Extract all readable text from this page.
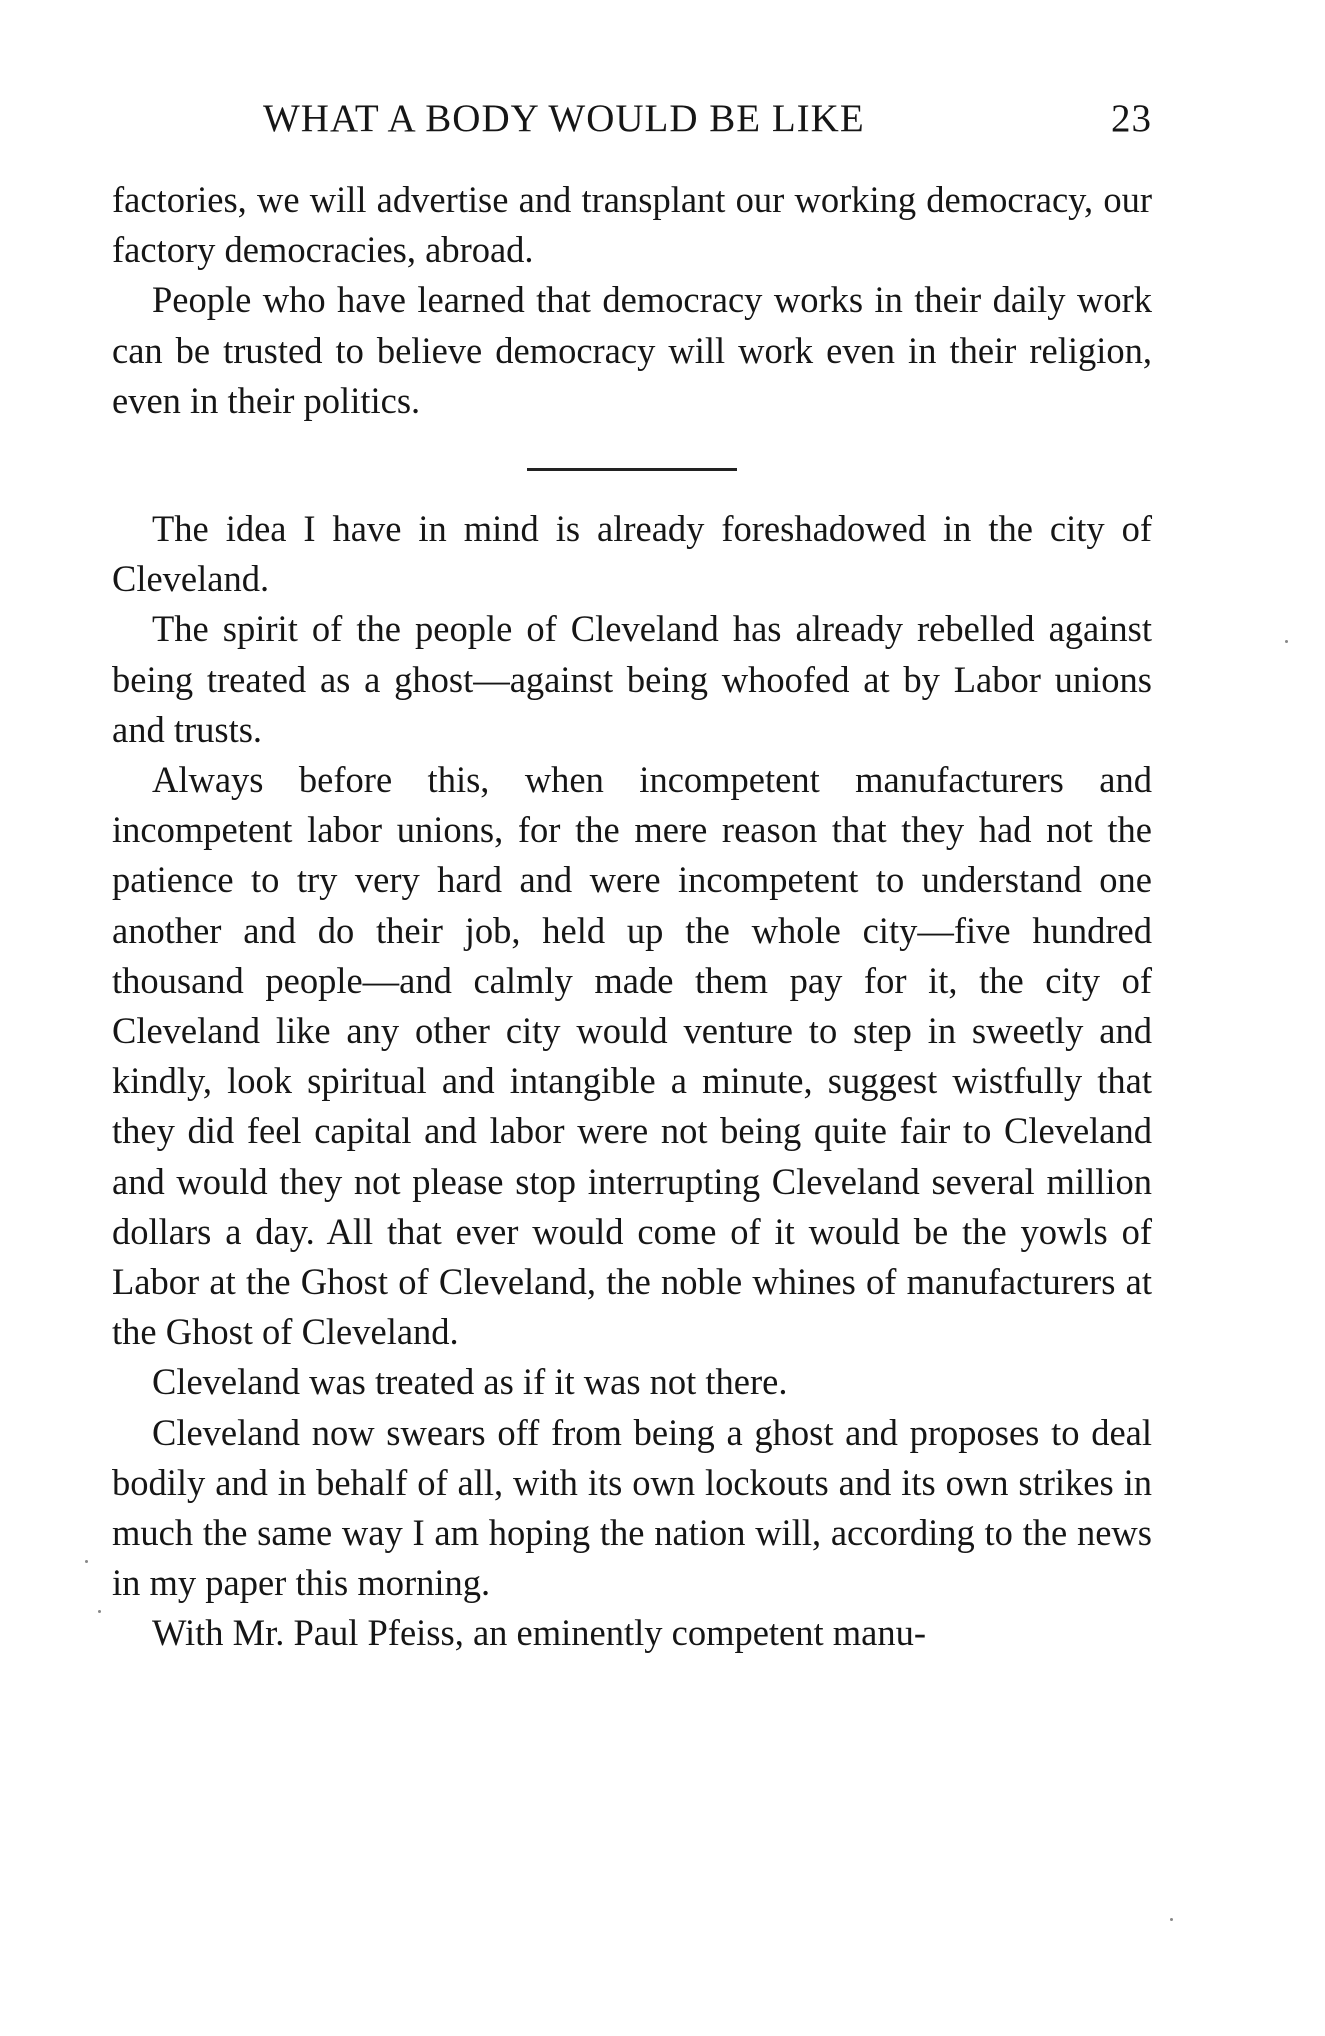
WHAT A BODY WOULD BE LIKE	23

factories, we will advertise and transplant our working democracy, our factory democracies, abroad.

People who have learned that democracy works in their daily work can be trusted to believe democracy will work even in their religion, even in their politics.

The idea I have in mind is already foreshadowed in the city of Cleveland.

The spirit of the people of Cleveland has already rebelled against being treated as a ghost—against being whoofed at by Labor unions and trusts.

Always before this, when incompetent manufacturers and incompetent labor unions, for the mere reason that they had not the patience to try very hard and were incompetent to understand one another and do their job, held up the whole city—five hundred thousand people—and calmly made them pay for it, the city of Cleveland like any other city would venture to step in sweetly and kindly, look spiritual and intangible a minute, suggest wistfully that they did feel capital and labor were not being quite fair to Cleveland and would they not please stop interrupting Cleveland several million dollars a day. All that ever would come of it would be the yowls of Labor at the Ghost of Cleveland, the noble whines of manufacturers at the Ghost of Cleveland.

Cleveland was treated as if it was not there.

Cleveland now swears off from being a ghost and proposes to deal bodily and in behalf of all, with its own lockouts and its own strikes in much the same way I am hoping the nation will, according to the news in my paper this morning.

With Mr. Paul Pfeiss, an eminently competent manu-
